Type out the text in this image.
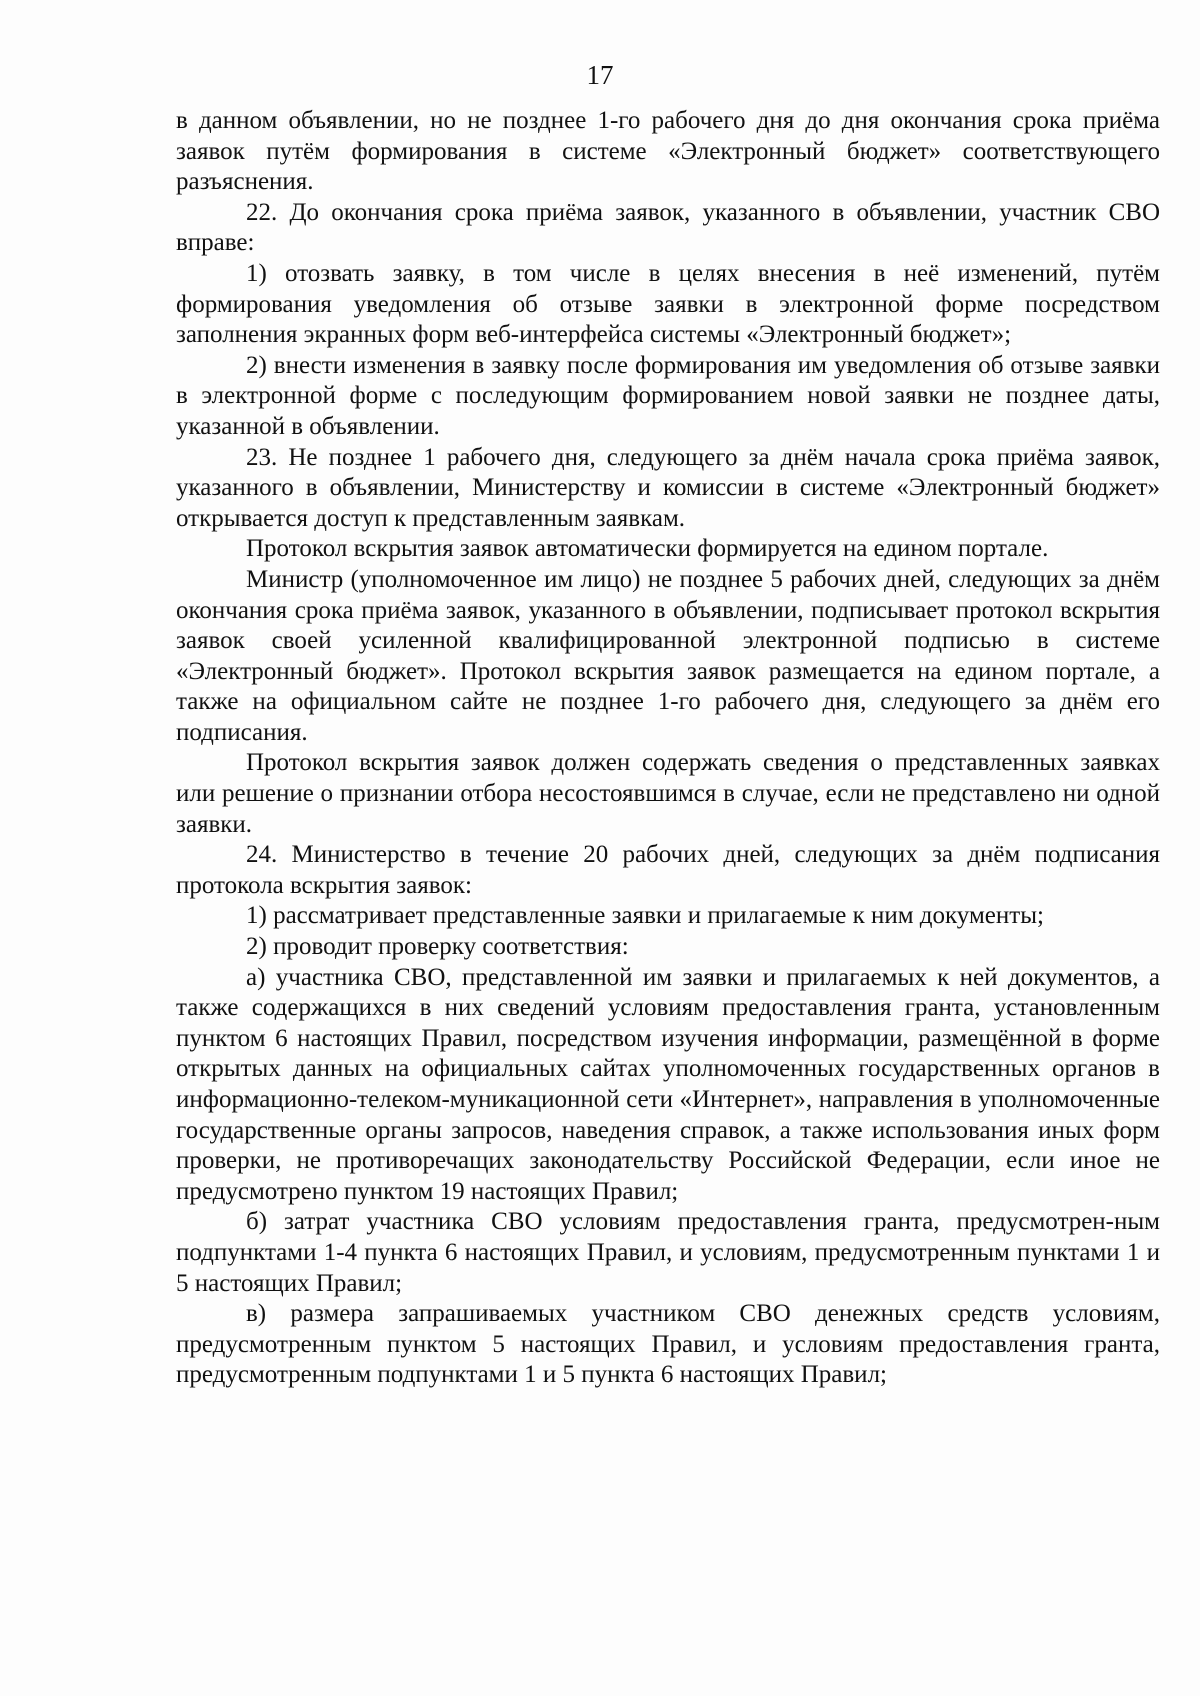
17

в данном объявлении, но не позднее 1-го рабочего дня до дня окончания срока приёма заявок путём формирования в системе «Электронный бюджет» соответствующего разъяснения.

22. До окончания срока приёма заявок, указанного в объявлении, участник СВО вправе:

1) отозвать заявку, в том числе в целях внесения в неё изменений, путём формирования уведомления об отзыве заявки в электронной форме посредством заполнения экранных форм веб-интерфейса системы «Электронный бюджет»;

2) внести изменения в заявку после формирования им уведомления об отзыве заявки в электронной форме с последующим формированием новой заявки не позднее даты, указанной в объявлении.

23. Не позднее 1 рабочего дня, следующего за днём начала срока приёма заявок, указанного в объявлении, Министерству и комиссии в системе «Электронный бюджет» открывается доступ к представленным заявкам.

Протокол вскрытия заявок автоматически формируется на едином портале.

Министр (уполномоченное им лицо) не позднее 5 рабочих дней, следующих за днём окончания срока приёма заявок, указанного в объявлении, подписывает протокол вскрытия заявок своей усиленной квалифицированной электронной подписью в системе «Электронный бюджет». Протокол вскрытия заявок размещается на едином портале, а также на официальном сайте не позднее 1-го рабочего дня, следующего за днём его подписания.

Протокол вскрытия заявок должен содержать сведения о представленных заявках или решение о признании отбора несостоявшимся в случае, если не представлено ни одной заявки.

24. Министерство в течение 20 рабочих дней, следующих за днём подписания протокола вскрытия заявок:

1) рассматривает представленные заявки и прилагаемые к ним документы;

2) проводит проверку соответствия:

а) участника СВО, представленной им заявки и прилагаемых к ней документов, а также содержащихся в них сведений условиям предоставления гранта, установленным пунктом 6 настоящих Правил, посредством изучения информации, размещённой в форме открытых данных на официальных сайтах уполномоченных государственных органов в информационно-телеком-муникационной сети «Интернет», направления в уполномоченные государственные органы запросов, наведения справок, а также использования иных форм проверки, не противоречащих законодательству Российской Федерации, если иное не предусмотрено пунктом 19 настоящих Правил;

б) затрат участника СВО условиям предоставления гранта, предусмотрен-ным подпунктами 1-4 пункта 6 настоящих Правил, и условиям, предусмотренным пунктами 1 и 5 настоящих Правил;

в) размера запрашиваемых участником СВО денежных средств условиям, предусмотренным пунктом 5 настоящих Правил, и условиям предоставления гранта, предусмотренным подпунктами 1 и 5 пункта 6 настоящих Правил;
